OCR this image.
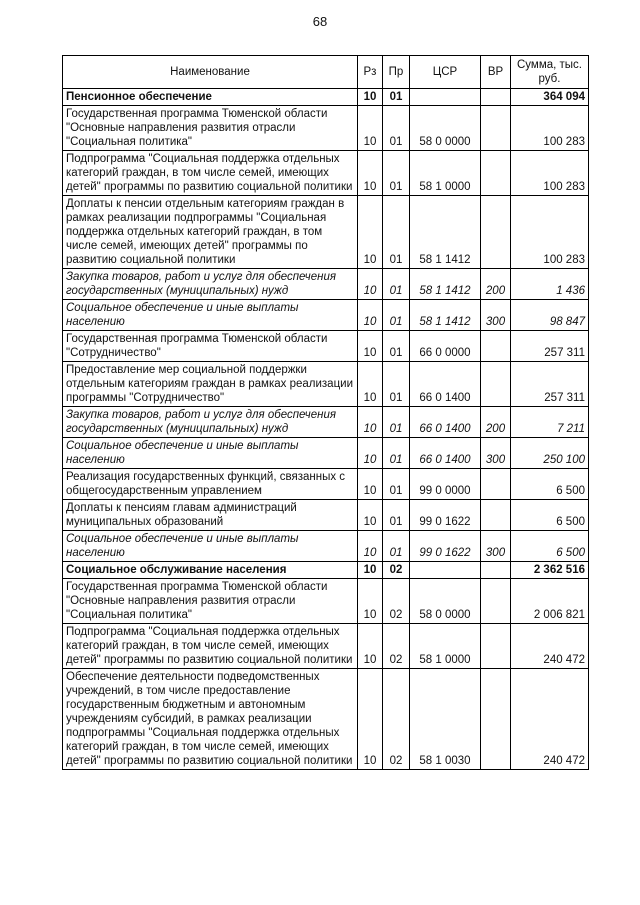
68
Наименование	Рз	Пр	ЦСР	ВР	Сумма, тыс. руб.
Пенсионное обеспечение	10	01			364 094
Государственная программа Тюменской области "Основные направления развития отрасли "Социальная политика"	10	01	58 0 0000		100 283
Подпрограмма "Социальная поддержка отдельных категорий граждан, в том числе семей, имеющих детей" программы по развитию социальной политики	10	01	58 1 0000		100 283
Доплаты к пенсии отдельным категориям граждан в рамках реализации подпрограммы "Социальная поддержка отдельных категорий граждан, в том числе семей, имеющих детей" программы по развитию социальной политики	10	01	58 1 1412		100 283
Закупка товаров, работ и услуг для обеспечения государственных (муниципальных) нужд	10	01	58 1 1412	200	1 436
Социальное обеспечение и иные выплаты населению	10	01	58 1 1412	300	98 847
Государственная программа Тюменской области "Сотрудничество"	10	01	66 0 0000		257 311
Предоставление мер социальной поддержки отдельным категориям граждан в рамках реализации программы "Сотрудничество"	10	01	66 0 1400		257 311
Закупка товаров, работ и услуг для обеспечения государственных (муниципальных) нужд	10	01	66 0 1400	200	7 211
Социальное обеспечение и иные выплаты населению	10	01	66 0 1400	300	250 100
Реализация государственных функций, связанных с общегосударственным управлением	10	01	99 0 0000		6 500
Доплаты к пенсиям главам администраций муниципальных образований	10	01	99 0 1622		6 500
Социальное обеспечение и иные выплаты населению	10	01	99 0 1622	300	6 500
Социальное обслуживание населения	10	02			2 362 516
Государственная программа Тюменской области "Основные направления развития отрасли "Социальная политика"	10	02	58 0 0000		2 006 821
Подпрограмма "Социальная поддержка отдельных категорий граждан, в том числе семей, имеющих детей" программы по развитию социальной политики	10	02	58 1 0000		240 472
Обеспечение деятельности подведомственных учреждений, в том числе предоставление государственным бюджетным и автономным учреждениям субсидий, в рамках реализации подпрограммы "Социальная поддержка отдельных категорий граждан, в том числе семей, имеющих детей" программы по развитию социальной политики	10	02	58 1 0030		240 472
